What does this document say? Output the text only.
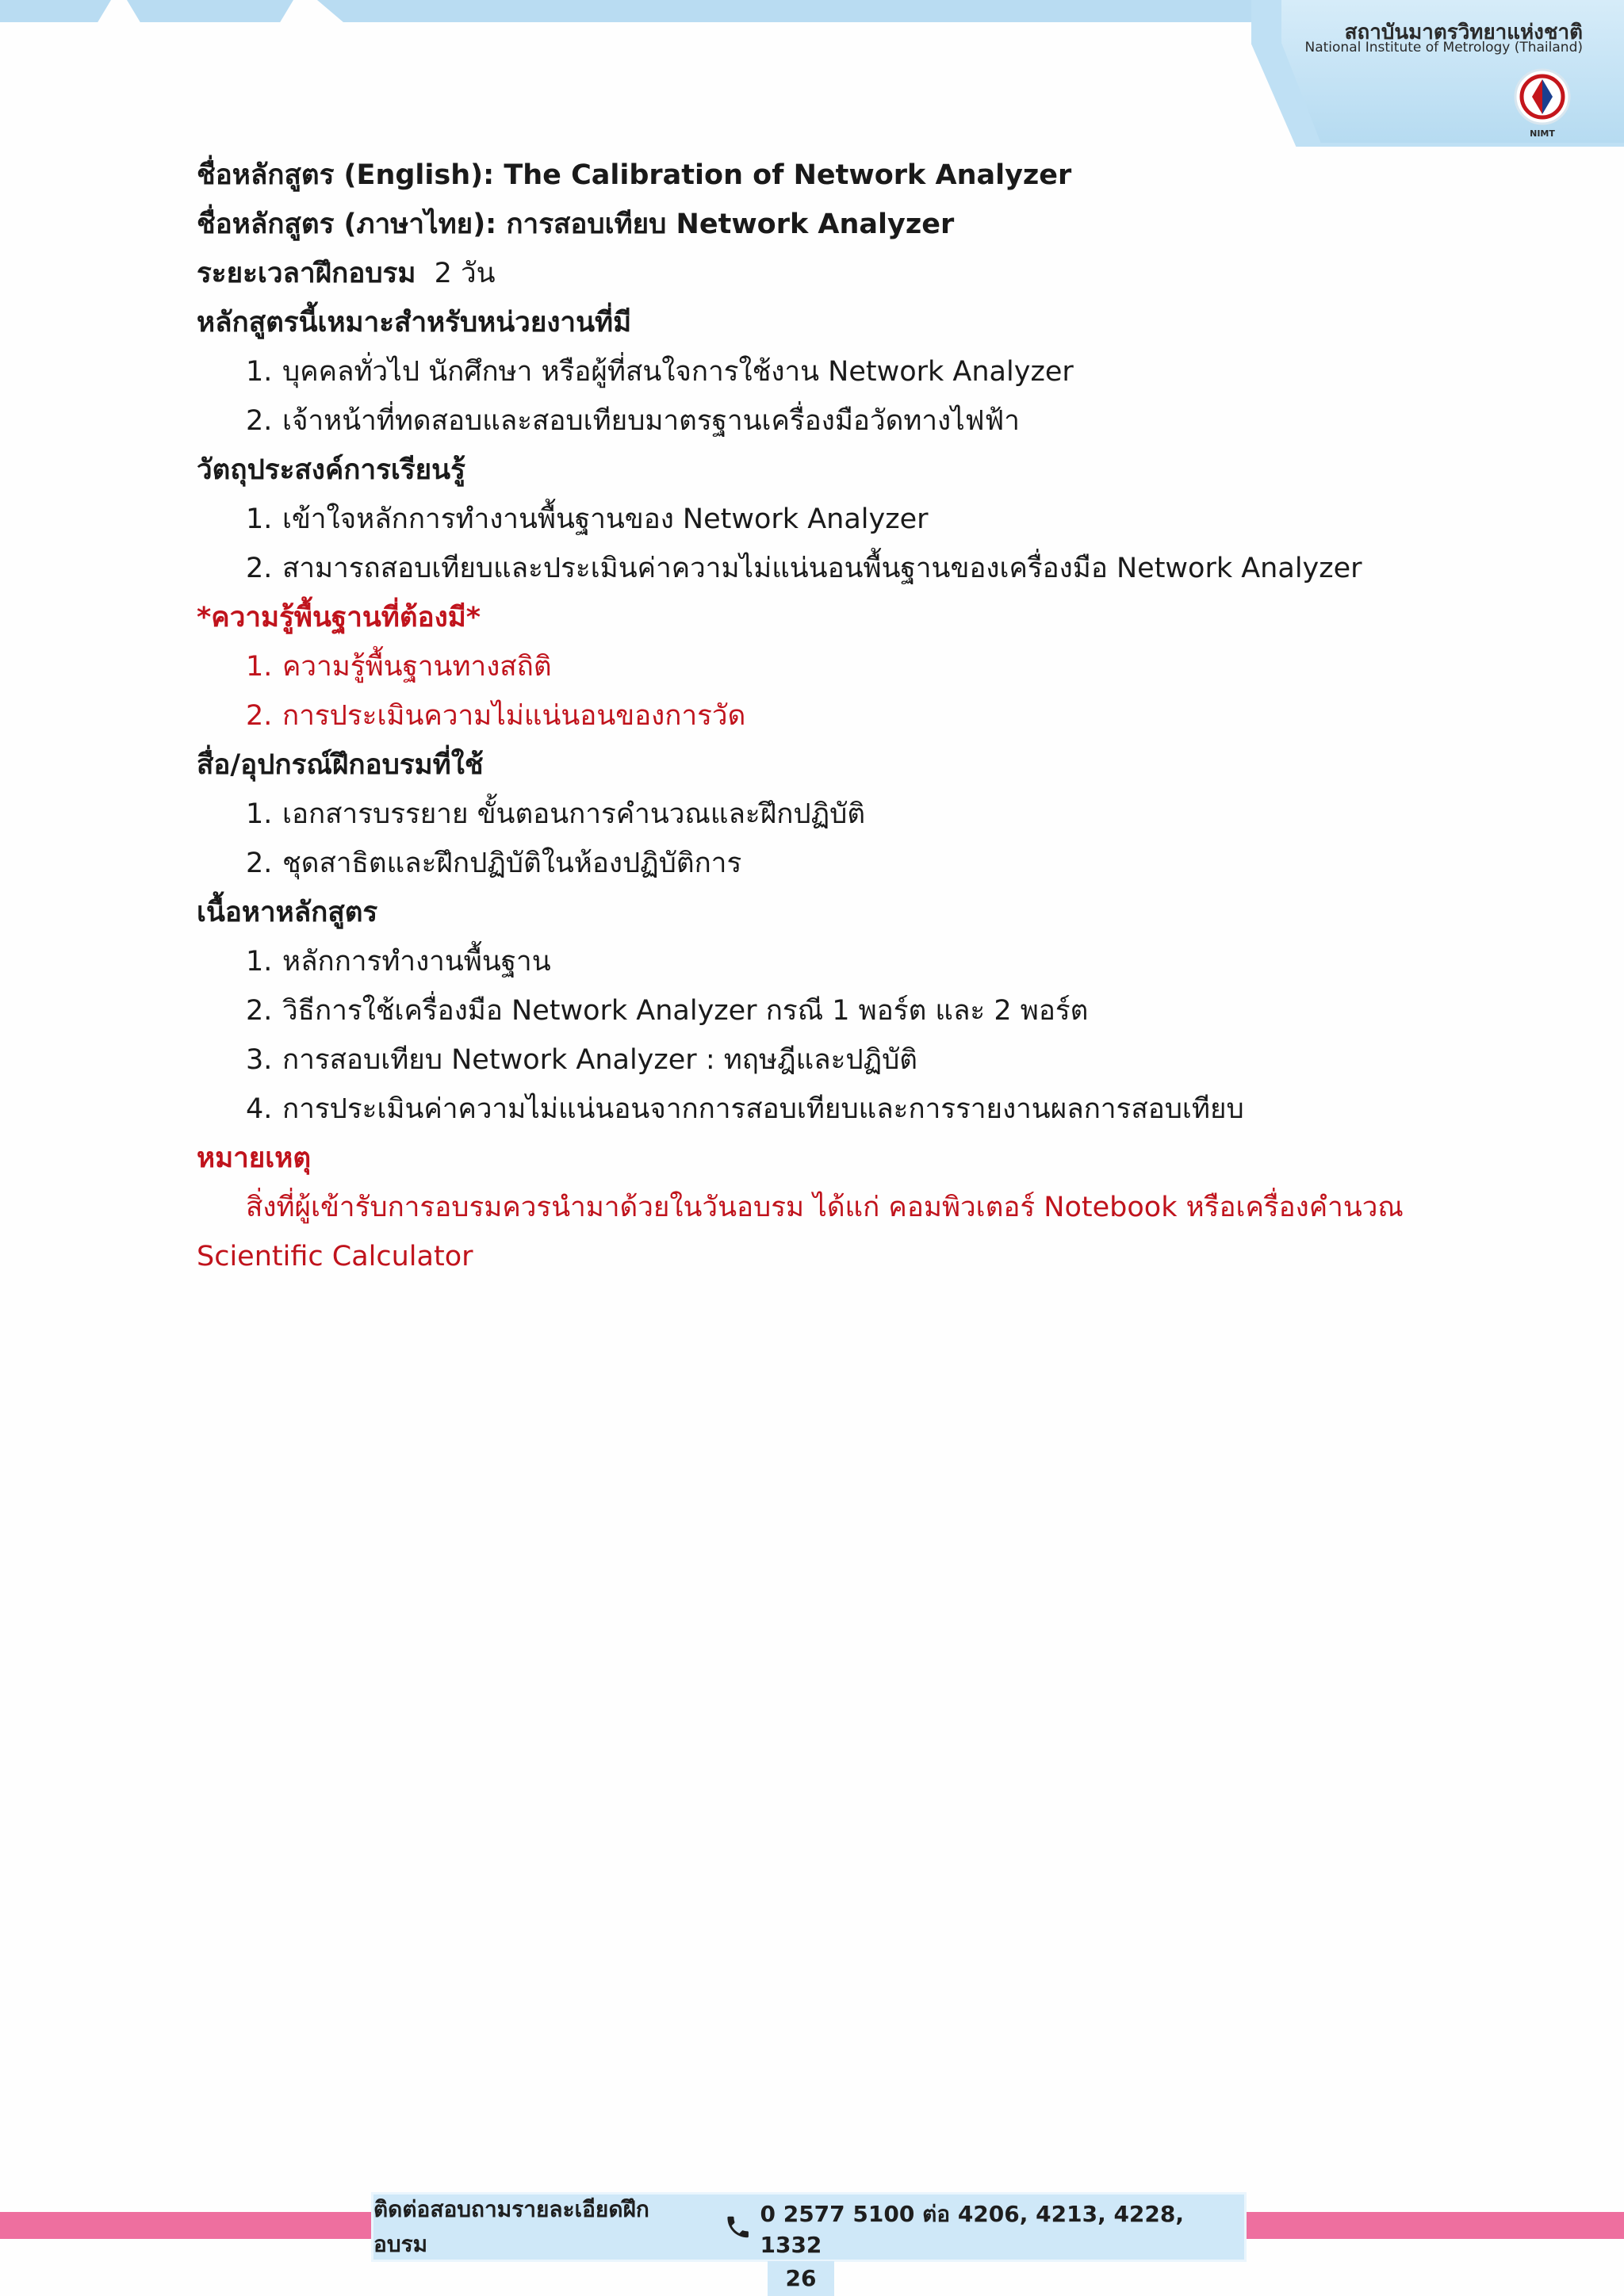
สถาบันมาตรวิทยาแห่งชาติ
National Institute of Metrology (Thailand)
NIMT
ชื่อหลักสูตร (English): The Calibration of Network Analyzer
ชื่อหลักสูตร (ภาษาไทย): การสอบเทียบ Network Analyzer
ระยะเวลาฝึกอบรม 2 วัน
หลักสูตรนี้เหมาะสำหรับหน่วยงานที่มี
1. บุคคลทั่วไป นักศึกษา หรือผู้ที่สนใจการใช้งาน Network Analyzer
2. เจ้าหน้าที่ทดสอบและสอบเทียบมาตรฐานเครื่องมือวัดทางไฟฟ้า
วัตถุประสงค์การเรียนรู้
1. เข้าใจหลักการทำงานพื้นฐานของ Network Analyzer
2. สามารถสอบเทียบและประเมินค่าความไม่แน่นอนพื้นฐานของเครื่องมือ Network Analyzer
*ความรู้พื้นฐานที่ต้องมี*
1. ความรู้พื้นฐานทางสถิติ
2. การประเมินความไม่แน่นอนของการวัด
สื่อ/อุปกรณ์ฝึกอบรมที่ใช้
1. เอกสารบรรยาย ขั้นตอนการคำนวณและฝึกปฏิบัติ
2. ชุดสาธิตและฝึกปฏิบัติในห้องปฏิบัติการ
เนื้อหาหลักสูตร
1. หลักการทำงานพื้นฐาน
2. วิธีการใช้เครื่องมือ Network Analyzer กรณี 1 พอร์ต และ 2 พอร์ต
3. การสอบเทียบ Network Analyzer : ทฤษฎีและปฏิบัติ
4. การประเมินค่าความไม่แน่นอนจากการสอบเทียบและการรายงานผลการสอบเทียบ
หมายเหตุ
สิ่งที่ผู้เข้ารับการอบรมควรนำมาด้วยในวันอบรม ได้แก่ คอมพิวเตอร์ Notebook หรือเครื่องคำนวณ
Scientific Calculator
ติดต่อสอบถามรายละเอียดฝึกอบรม
0 2577 5100 ต่อ 4206, 4213, 4228, 1332
26
